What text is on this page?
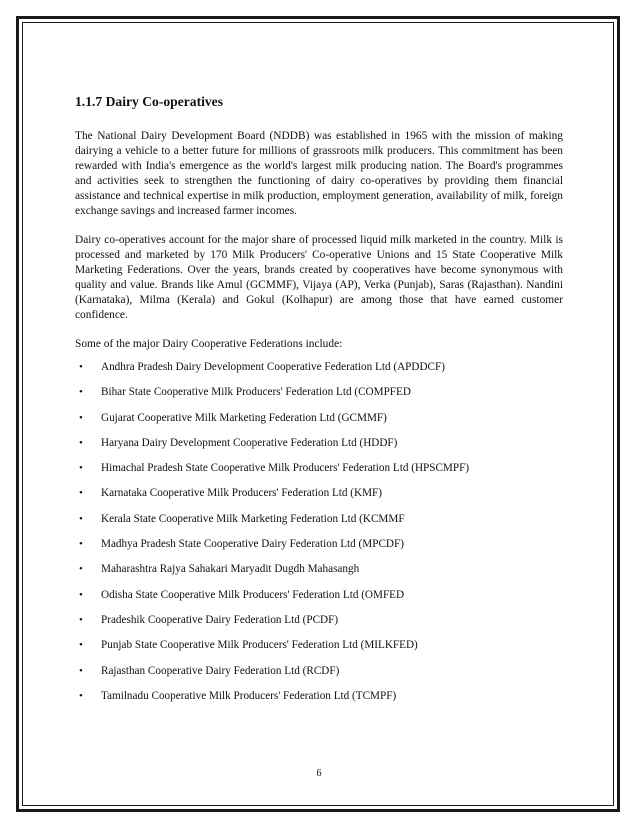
1.1.7 Dairy Co-operatives

The National Dairy Development Board (NDDB) was established in 1965 with the mission of making dairying a vehicle to a better future for millions of grassroots milk producers. This commitment has been rewarded with India's emergence as the world's largest milk producing nation. The Board's programmes and activities seek to strengthen the functioning of dairy co-operatives by providing them financial assistance and technical expertise in milk production, employment generation, availability of milk, foreign exchange savings and increased farmer incomes.

Dairy co-operatives account for the major share of processed liquid milk marketed in the country. Milk is processed and marketed by 170 Milk Producers' Co-operative Unions and 15 State Cooperative Milk Marketing Federations. Over the years, brands created by cooperatives have become synonymous with quality and value. Brands like Amul (GCMMF), Vijaya (AP), Verka (Punjab), Saras (Rajasthan). Nandini (Karnataka), Milma (Kerala) and Gokul (Kolhapur) are among those that have earned customer confidence.

Some of the major Dairy Cooperative Federations include:

• Andhra Pradesh Dairy Development Cooperative Federation Ltd (APDDCF)
• Bihar State Cooperative Milk Producers' Federation Ltd (COMPFED
• Gujarat Cooperative Milk Marketing Federation Ltd (GCMMF)
• Haryana Dairy Development Cooperative Federation Ltd (HDDF)
• Himachal Pradesh State Cooperative Milk Producers' Federation Ltd (HPSCMPF)
• Karnataka Cooperative Milk Producers' Federation Ltd (KMF)
• Kerala State Cooperative Milk Marketing Federation Ltd (KCMMF
• Madhya Pradesh State Cooperative Dairy Federation Ltd (MPCDF)
• Maharashtra Rajya Sahakari Maryadit Dugdh Mahasangh
• Odisha State Cooperative Milk Producers' Federation Ltd (OMFED
• Pradeshik Cooperative Dairy Federation Ltd (PCDF)
• Punjab State Cooperative Milk Producers' Federation Ltd (MILKFED)
• Rajasthan Cooperative Dairy Federation Ltd (RCDF)
• Tamilnadu Cooperative Milk Producers' Federation Ltd (TCMPF)
6
